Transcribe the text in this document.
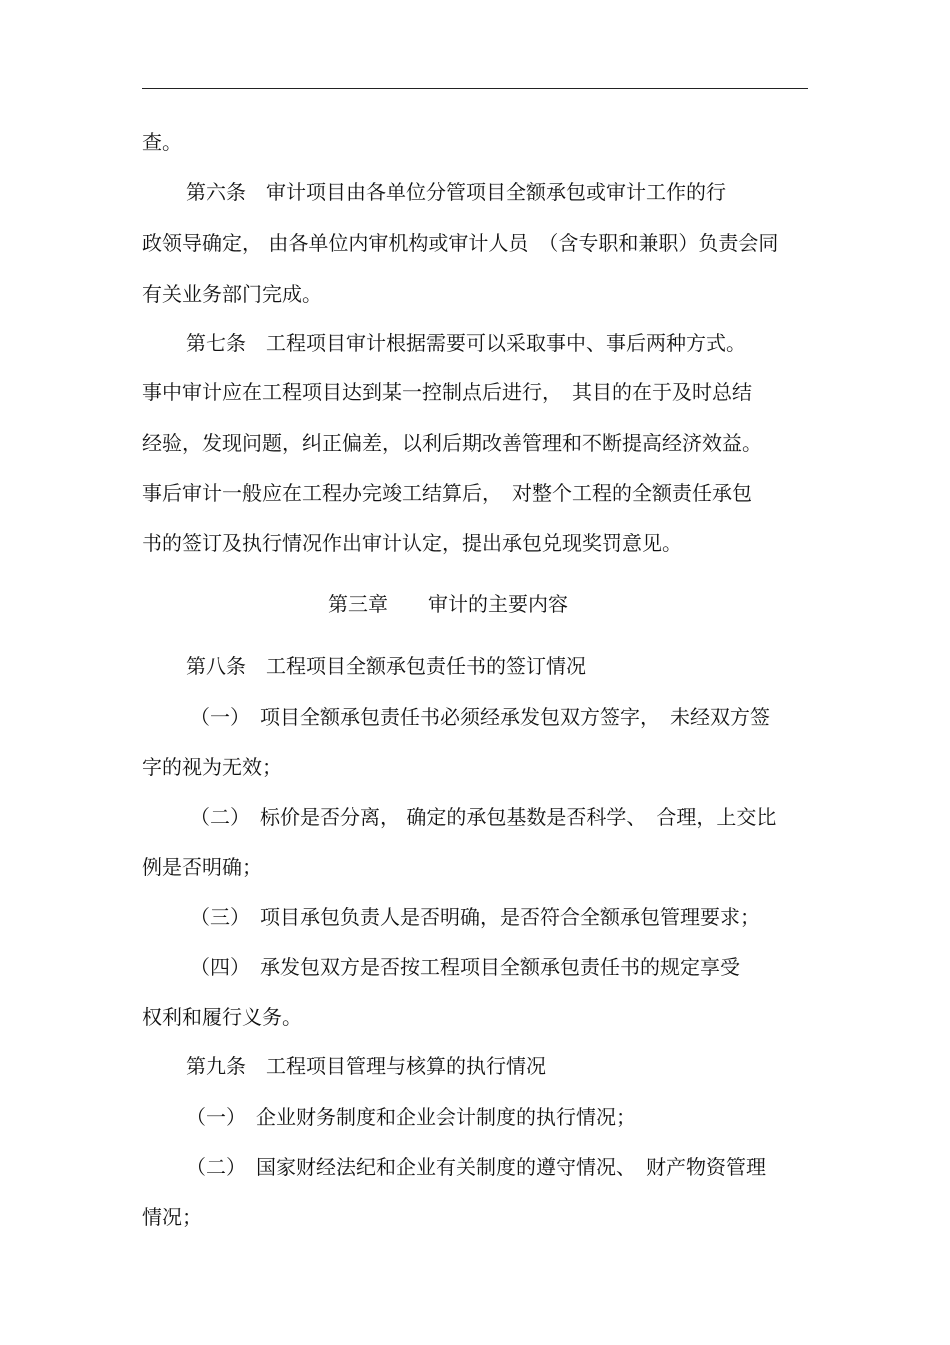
查。

第六条　审计项目由各单位分管项目全额承包或审计工作的行

政领导确定， 由各单位内审机构或审计人员　（含专职和兼职）负责会同

有关业务部门完成。

第七条　工程项目审计根据需要可以采取事中、事后两种方式。

事中审计应在工程项目达到某一控制点后进行，　其目的在于及时总结

经验，发现问题，纠正偏差，以利后期改善管理和不断提高经济效益。

事后审计一般应在工程办完竣工结算后，　对整个工程的全额责任承包

书的签订及执行情况作出审计认定，提出承包兑现奖罚意见。

第三章　　审计的主要内容

第八条　工程项目全额承包责任书的签订情况

（一）　项目全额承包责任书必须经承发包双方签字，　未经双方签

字的视为无效；

（二）　标价是否分离， 确定的承包基数是否科学、　合理，上交比

例是否明确；

（三）　项目承包负责人是否明确，是否符合全额承包管理要求；

（四）　承发包双方是否按工程项目全额承包责任书的规定享受

权利和履行义务。

第九条　工程项目管理与核算的执行情况

（一）　企业财务制度和企业会计制度的执行情况；

（二）　国家财经法纪和企业有关制度的遵守情况、　财产物资管理

情况；
